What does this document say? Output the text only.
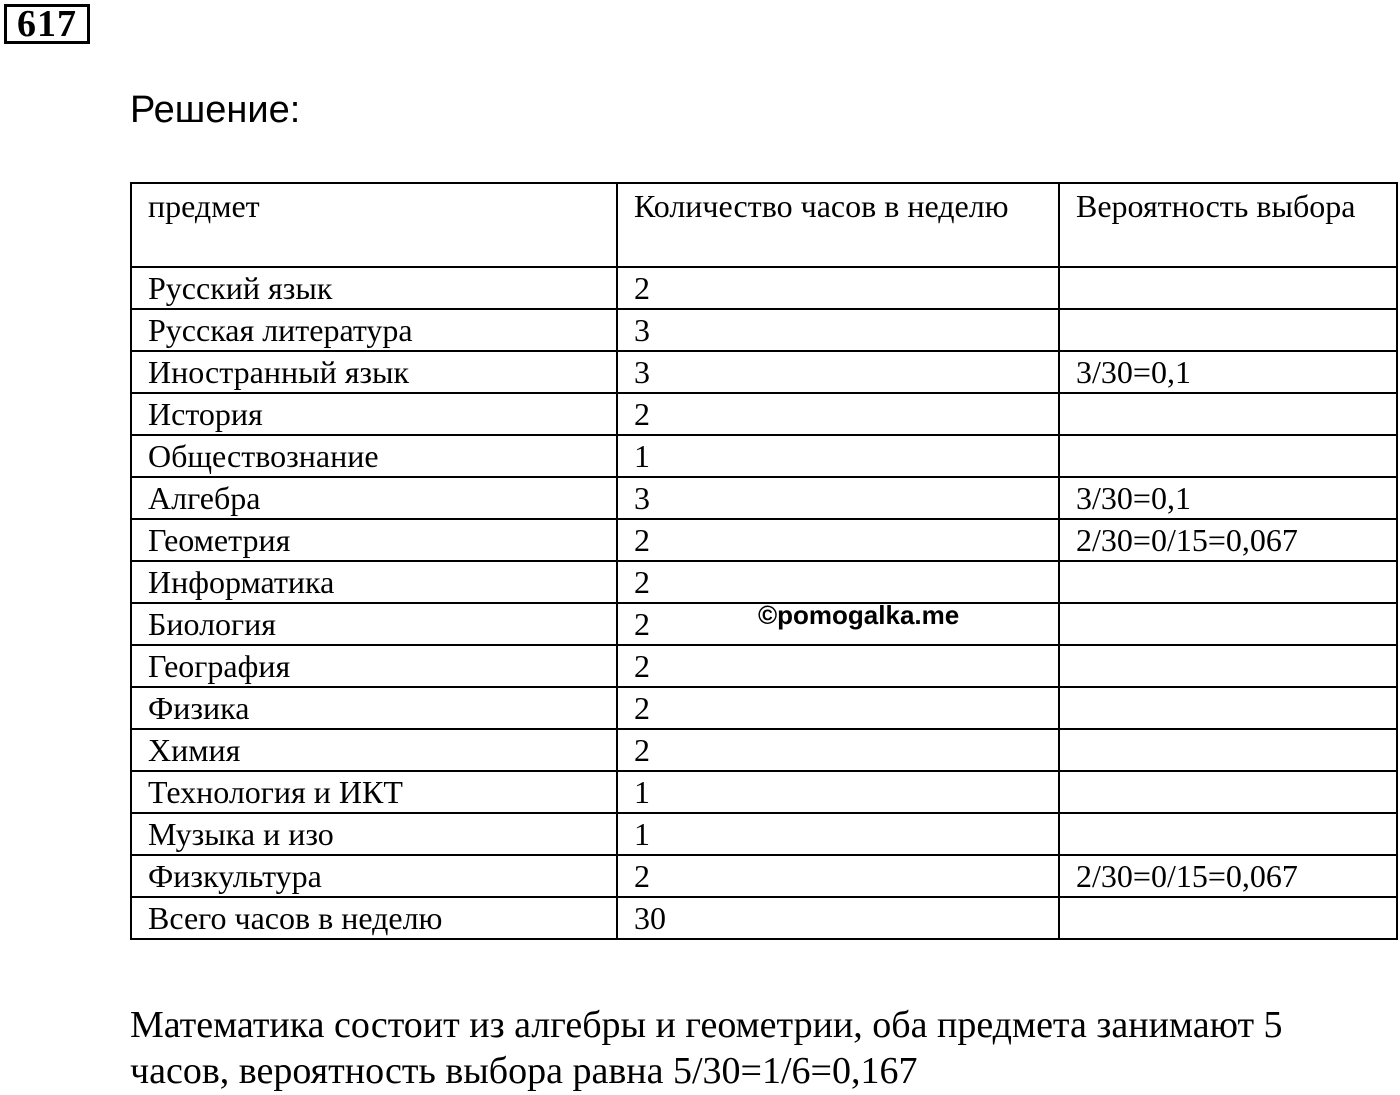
617
Решение:
предмет	Количество часов в неделю	Вероятность выбора
Русский язык	2	
Русская литература	3	
Иностранный язык	3	3/30=0,1
История	2	
Обществознание	1	
Алгебра	3	3/30=0,1
Геометрия	2	2/30=0/15=0,067
Информатика	2	
Биология	2	
География	2	
Физика	2	
Химия	2	
Технология и ИКТ	1	
Музыка и изо	1	
Физкультура	2	2/30=0/15=0,067
Всего часов в неделю	30	
©pomogalka.me
Математика состоит из алгебры и геометрии, оба предмета занимают 5 часов, вероятность выбора равна 5/30=1/6=0,167
